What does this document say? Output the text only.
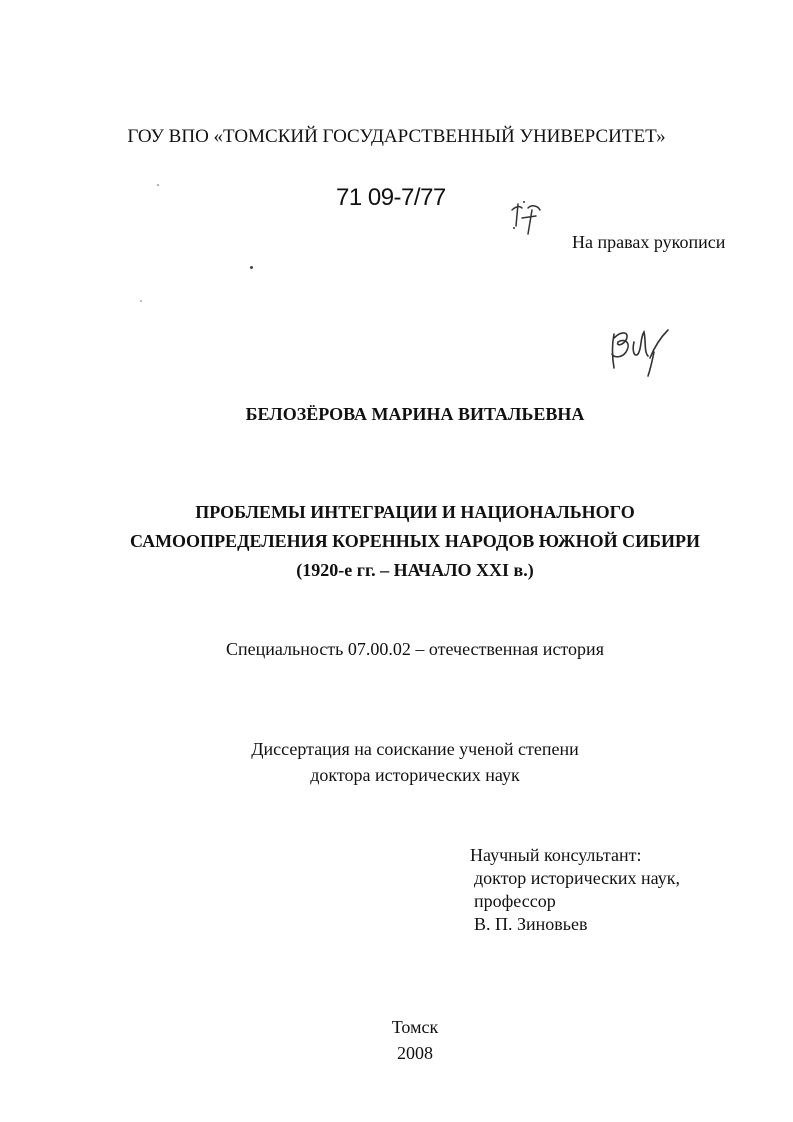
ГОУ ВПО «ТОМСКИЙ ГОСУДАРСТВЕННЫЙ УНИВЕРСИТЕТ»
71 09-7/77
На правах рукописи
БЕЛОЗЁРОВА МАРИНА ВИТАЛЬЕВНА
ПРОБЛЕМЫ ИНТЕГРАЦИИ И НАЦИОНАЛЬНОГО
САМООПРЕДЕЛЕНИЯ КОРЕННЫХ НАРОДОВ ЮЖНОЙ СИБИРИ
(1920-е гг. – НАЧАЛО XXI в.)
Специальность 07.00.02 – отечественная история
Диссертация на соискание ученой степени
доктора исторических наук
Научный консультант:
доктор исторических наук,
профессор
В. П. Зиновьев
Томск
2008
